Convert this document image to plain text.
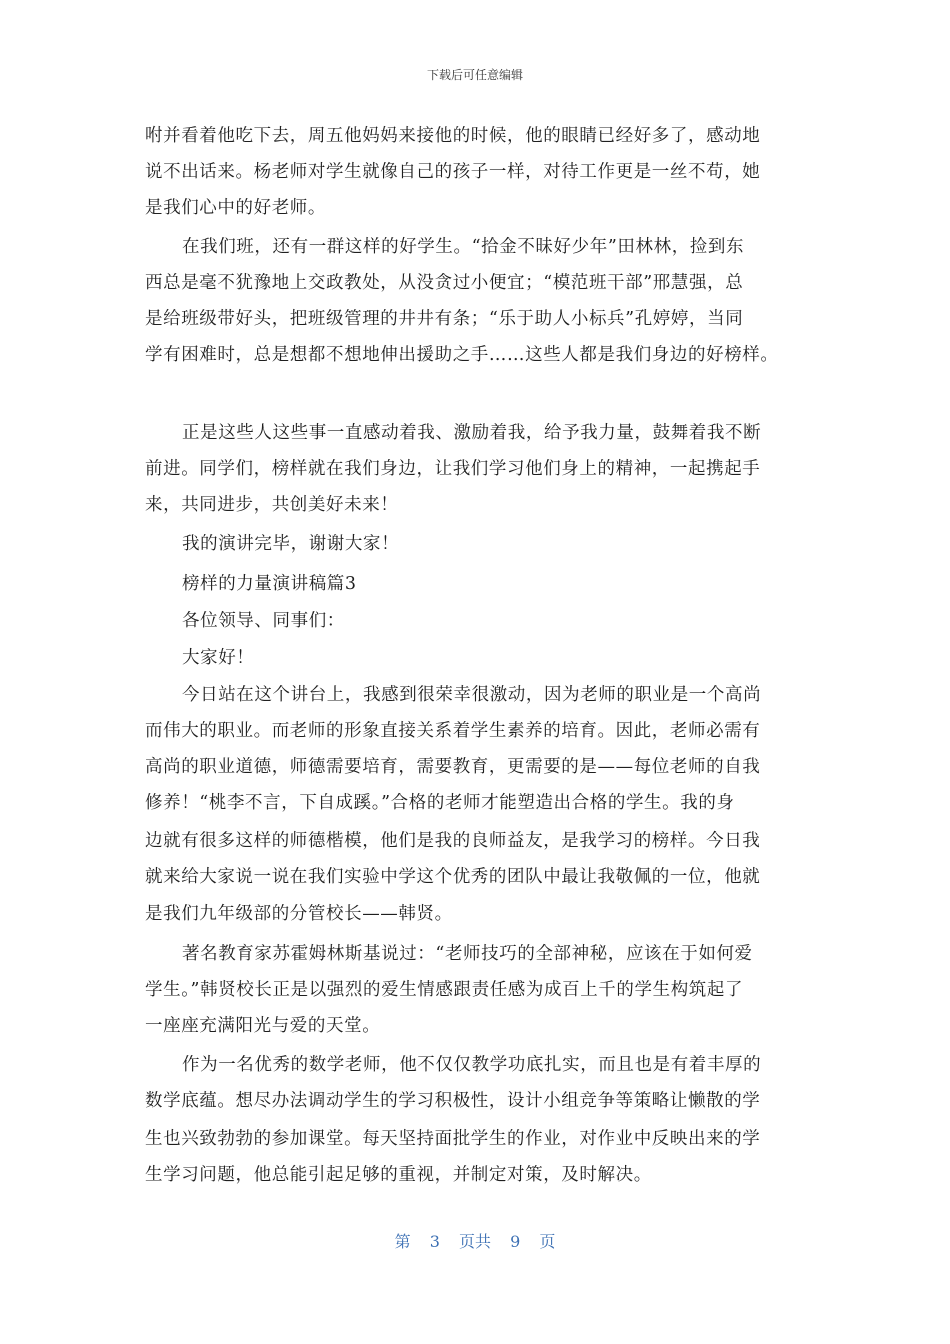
下载后可任意编辑
咐并看着他吃下去，周五他妈妈来接他的时候，他的眼睛已经好多了，感动地
说不出话来。杨老师对学生就像自己的孩子一样，对待工作更是一丝不苟，她
是我们心中的好老师。
在我们班，还有一群这样的好学生。“拾金不昧好少年”田林林，捡到东
西总是毫不犹豫地上交政教处，从没贪过小便宜；“模范班干部”邢慧强，总
是给班级带好头，把班级管理的井井有条；“乐于助人小标兵”孔婷婷，当同
学有困难时，总是想都不想地伸出援助之手……这些人都是我们身边的好榜样。
正是这些人这些事一直感动着我、激励着我，给予我力量，鼓舞着我不断
前进。同学们，榜样就在我们身边，让我们学习他们身上的精神，一起携起手
来，共同进步，共创美好未来！
我的演讲完毕，谢谢大家！
榜样的力量演讲稿篇3
各位领导、同事们：
大家好！
今日站在这个讲台上，我感到很荣幸很激动，因为老师的职业是一个高尚
而伟大的职业。而老师的形象直接关系着学生素养的培育。因此，老师必需有
高尚的职业道德，师德需要培育，需要教育，更需要的是——每位老师的自我
修养！“桃李不言，下自成蹊。”合格的老师才能塑造出合格的学生。我的身
边就有很多这样的师德楷模，他们是我的良师益友，是我学习的榜样。今日我
就来给大家说一说在我们实验中学这个优秀的团队中最让我敬佩的一位，他就
是我们九年级部的分管校长——韩贤。
著名教育家苏霍姆林斯基说过：“老师技巧的全部神秘，应该在于如何爱
学生。”韩贤校长正是以强烈的爱生情感跟责任感为成百上千的学生构筑起了
一座座充满阳光与爱的天堂。
作为一名优秀的数学老师，他不仅仅教学功底扎实，而且也是有着丰厚的
数学底蕴。想尽办法调动学生的学习积极性，设计小组竞争等策略让懒散的学
生也兴致勃勃的参加课堂。每天坚持面批学生的作业，对作业中反映出来的学
生学习问题，他总能引起足够的重视，并制定对策，及时解决。
第 3 页共 9 页
